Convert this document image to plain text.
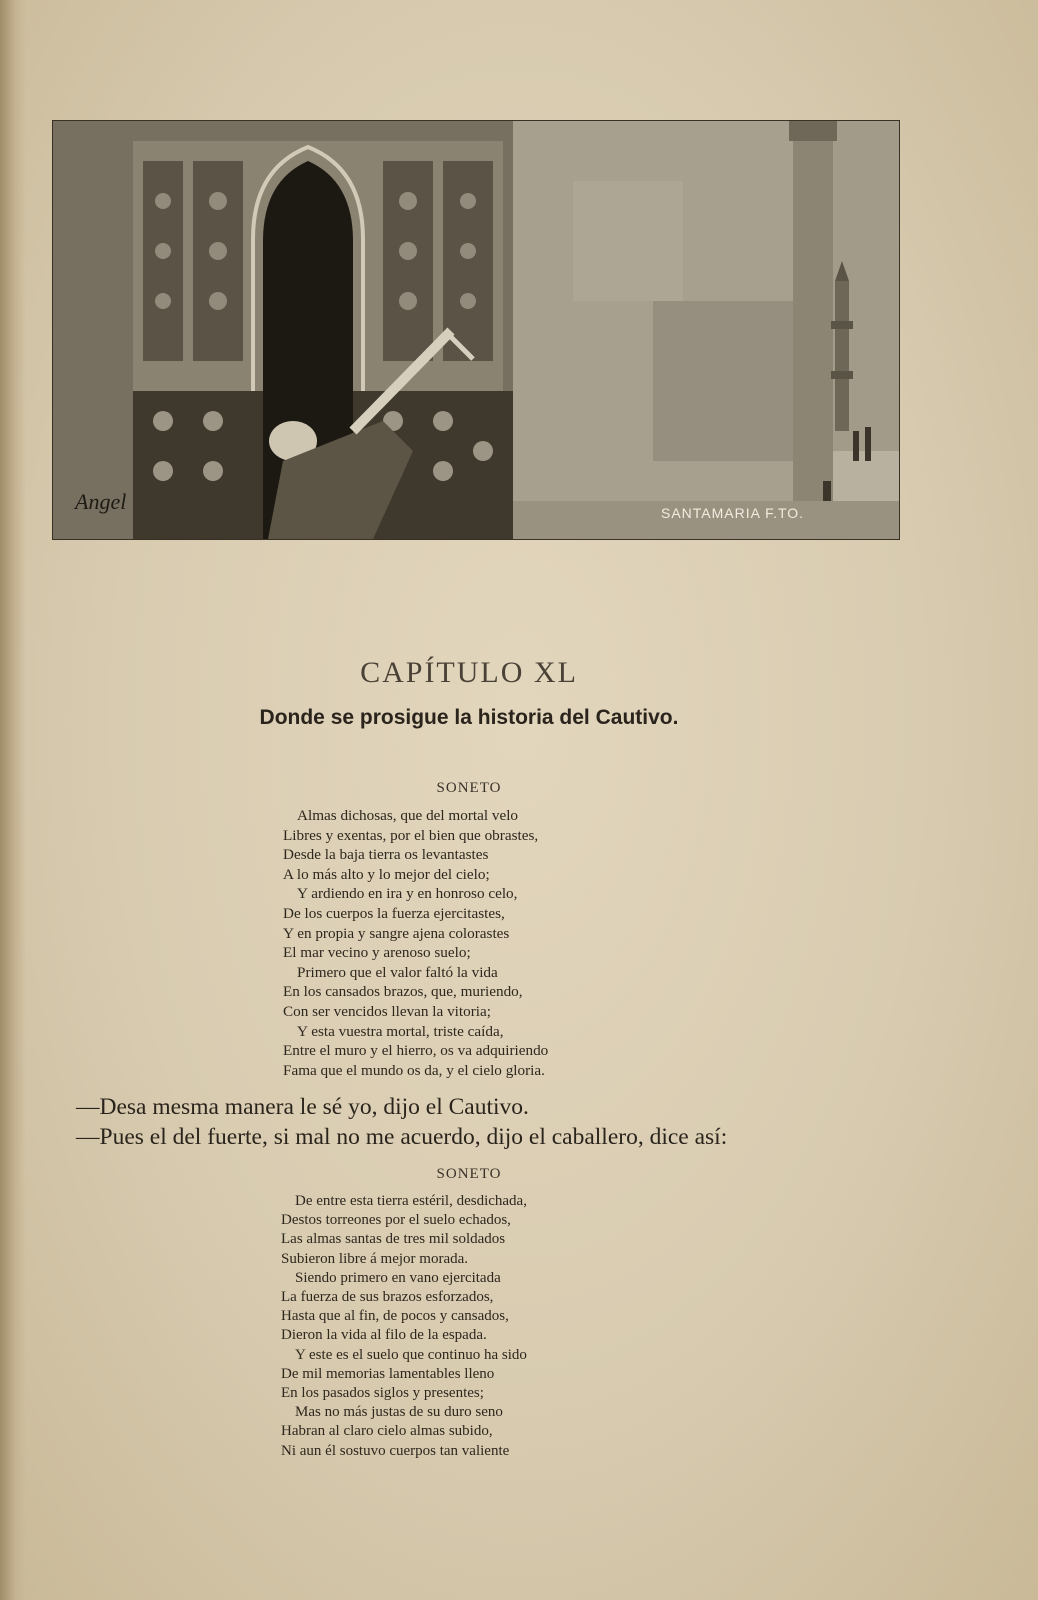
Angel	SANTAMARIA F.TO.
CAPÍTULO XL
Donde se prosigue la historia del Cautivo.
SONETO
Almas dichosas, que del mortal velo
Libres y exentas, por el bien que obrastes,
Desde la baja tierra os levantastes
A lo más alto y lo mejor del cielo;
Y ardiendo en ira y en honroso celo,
De los cuerpos la fuerza ejercitastes,
Y en propia y sangre ajena colorastes
El mar vecino y arenoso suelo;
Primero que el valor faltó la vida
En los cansados brazos, que, muriendo,
Con ser vencidos llevan la vitoria;
Y esta vuestra mortal, triste caída,
Entre el muro y el hierro, os va adquiriendo
Fama que el mundo os da, y el cielo gloria.

—Desa mesma manera le sé yo, dijo el Cautivo.

—Pues el del fuerte, si mal no me acuerdo, dijo el caballero, dice así:

SONETO
De entre esta tierra estéril, desdichada,
Destos torreones por el suelo echados,
Las almas santas de tres mil soldados
Subieron libre á mejor morada.
Siendo primero en vano ejercitada
La fuerza de sus brazos esforzados,
Hasta que al fin, de pocos y cansados,
Dieron la vida al filo de la espada.
Y este es el suelo que continuo ha sido
De mil memorias lamentables lleno
En los pasados siglos y presentes;
Mas no más justas de su duro seno
Habran al claro cielo almas subido,
Ni aun él sostuvo cuerpos tan valiente
